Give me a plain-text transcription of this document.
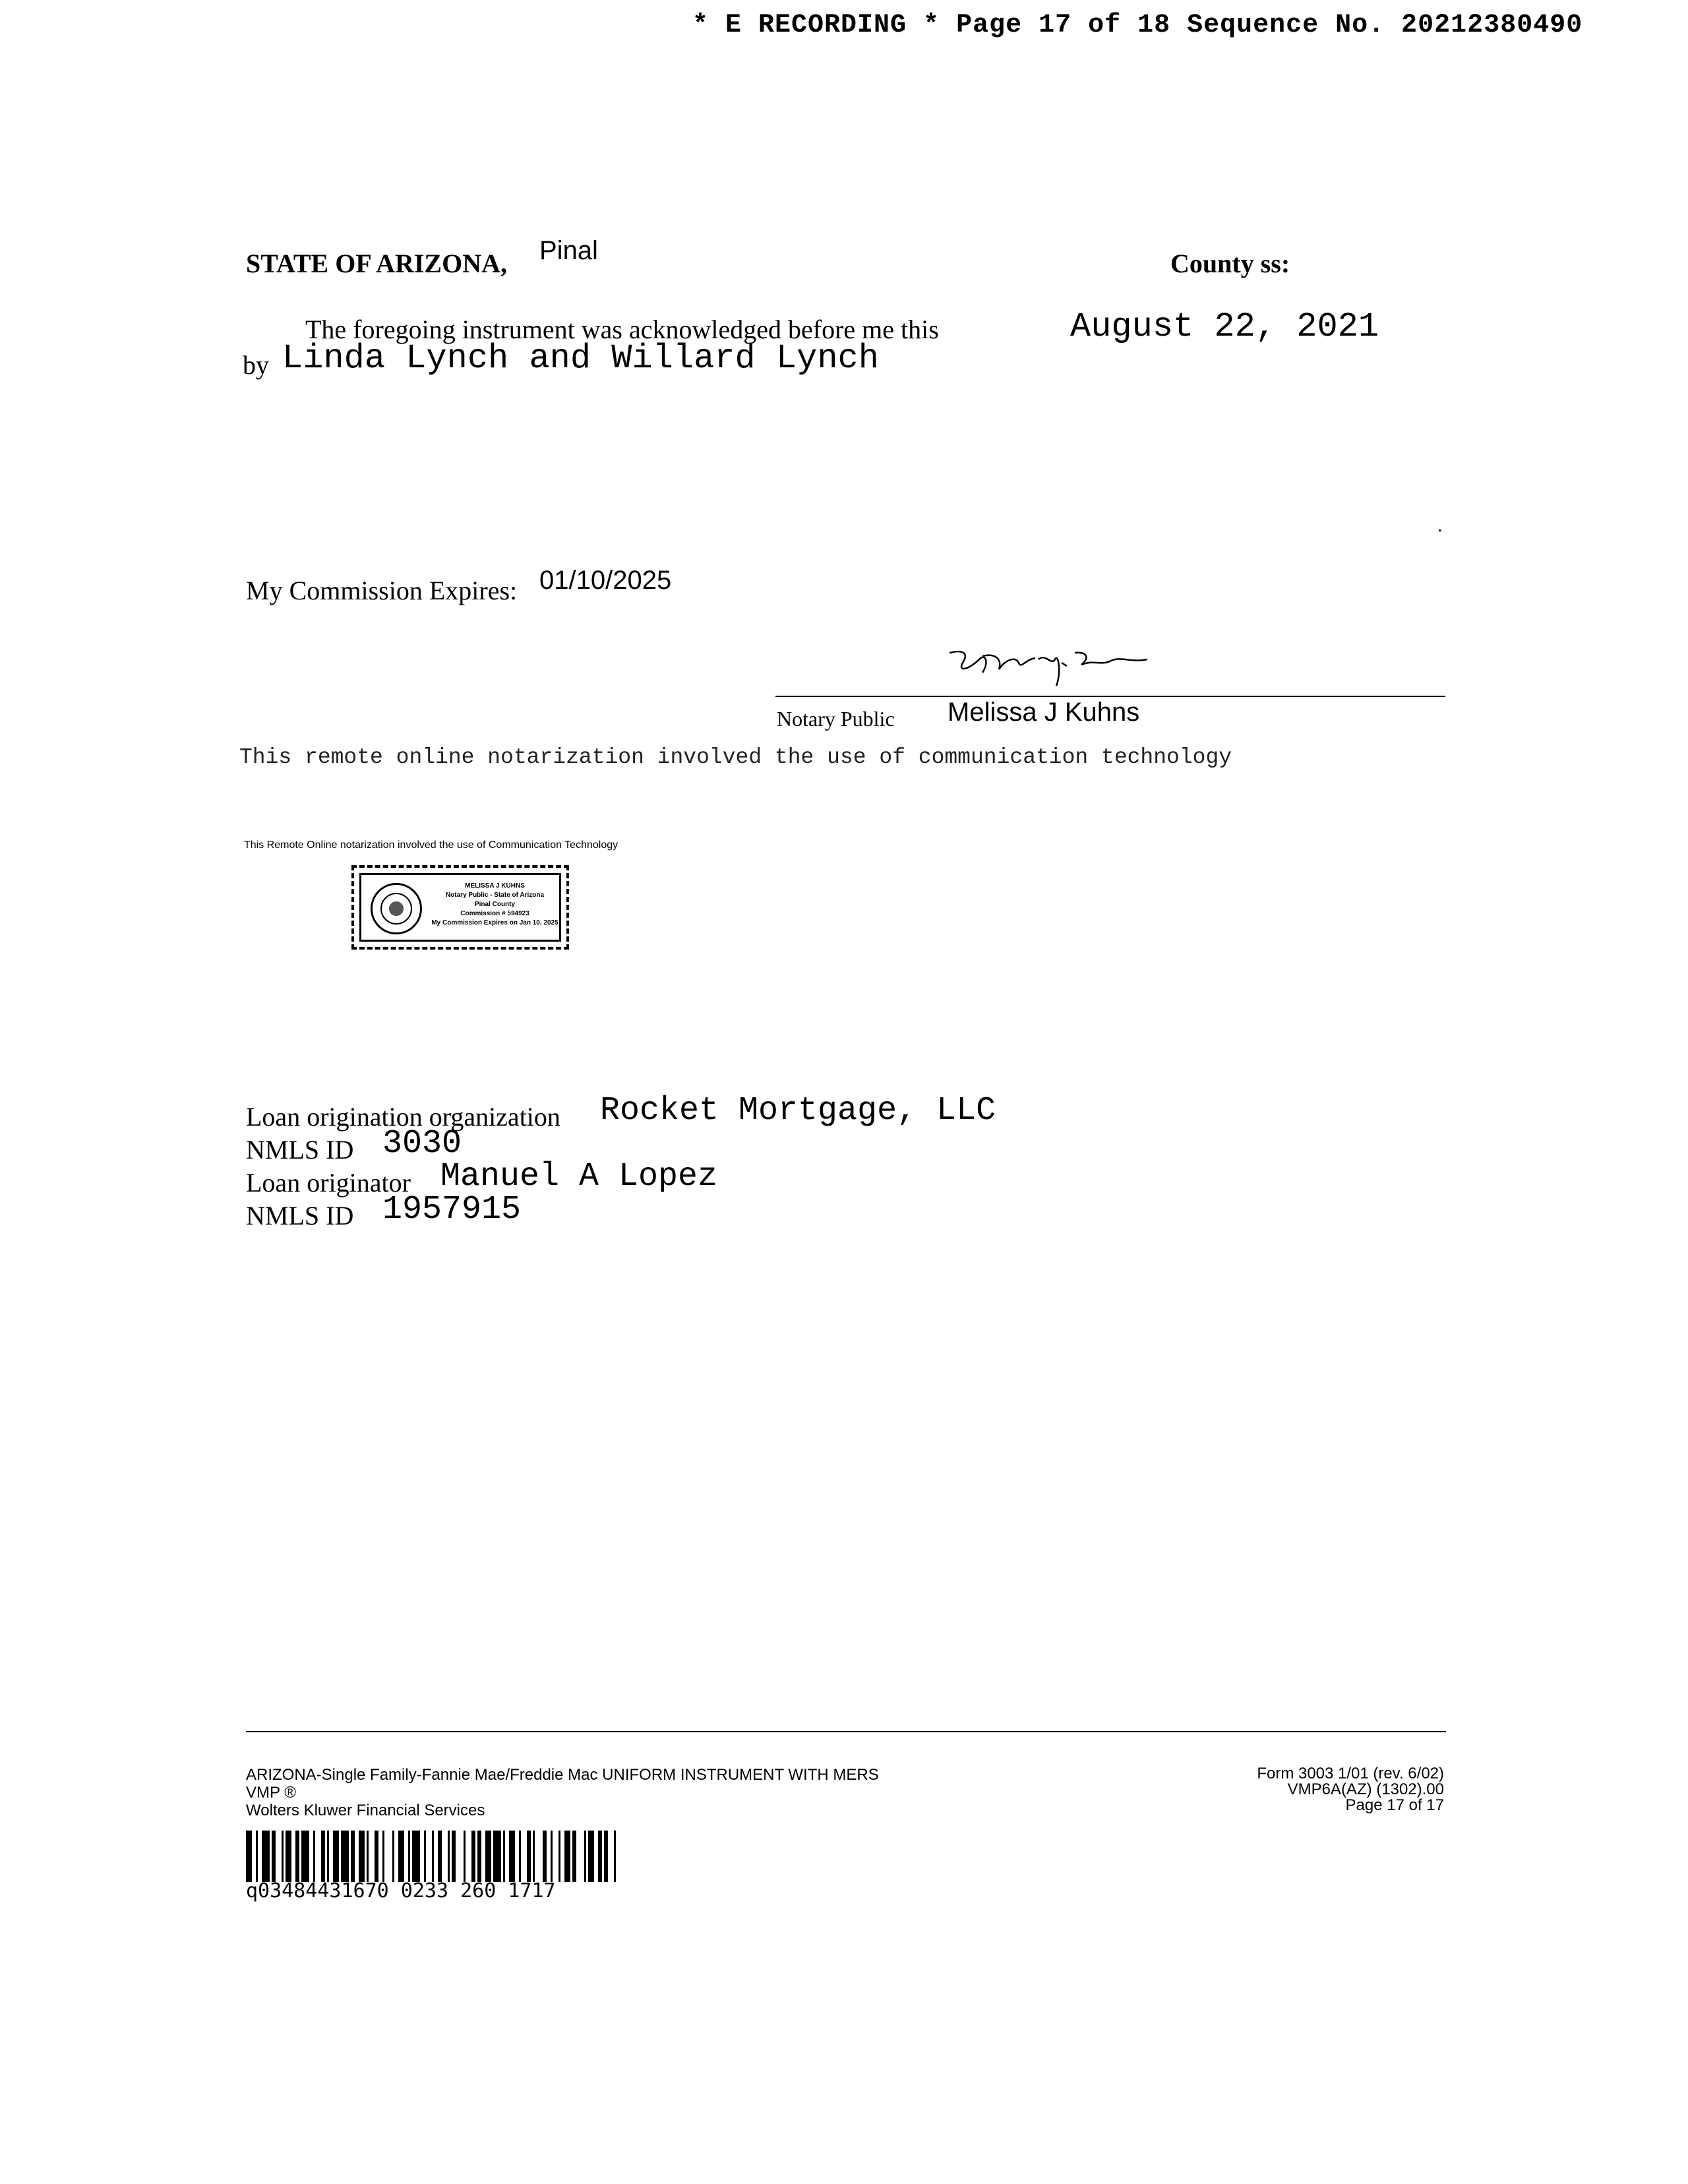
* E RECORDING * Page 17 of 18 Sequence No. 20212380490
STATE OF ARIZONA, Pinal	County ss:
The foregoing instrument was acknowledged before me this	August 22, 2021
by Linda Lynch and Willard Lynch
.
My Commission Expires: 01/10/2025
Notary Public Melissa J Kuhns
This remote online notarization involved the use of communication technology
This Remote Online notarization involved the use of Communication Technology
MELISSA J KUHNS
Notary Public - State of Arizona
Pinal County
Commission # 594923
My Commission Expires on Jan 10, 2025
Loan origination organization Rocket Mortgage, LLC
NMLS ID 3030
Loan originator Manuel A Lopez
NMLS ID 1957915
ARIZONA-Single Family-Fannie Mae/Freddie Mac UNIFORM INSTRUMENT WITH MERS
VMP ®
Wolters Kluwer Financial Services
Form 3003 1/01 (rev. 6/02)
VMP6A(AZ) (1302).00
Page 17 of 17
q03484431670 0233 260 1717
